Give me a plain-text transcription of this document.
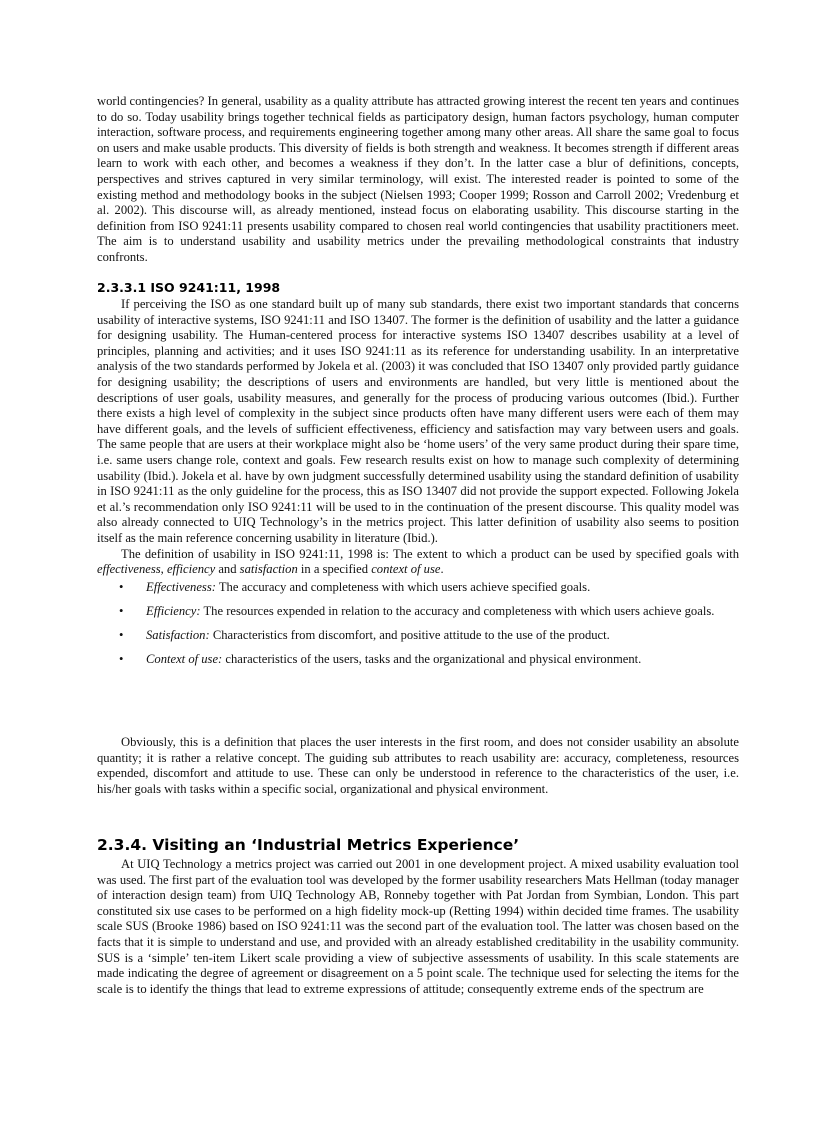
world contingencies? In general, usability as a quality attribute has attracted growing interest the recent ten years and continues to do so. Today usability brings together technical fields as participatory design, human factors psychology, human computer interaction, software process, and requirements engineering together among many other areas. All share the same goal to focus on users and make usable products. This diversity of fields is both strength and weakness. It becomes strength if different areas learn to work with each other, and becomes a weakness if they don’t. In the latter case a blur of definitions, concepts, perspectives and strives captured in very similar terminology, will exist. The interested reader is pointed to some of the existing method and methodology books in the subject (Nielsen 1993; Cooper 1999; Rosson and Carroll 2002; Vredenburg et al. 2002). This discourse will, as already mentioned, instead focus on elaborating usability. This discourse starting in the definition from ISO 9241:11 presents usability compared to chosen real world contingencies that usability practitioners meet. The aim is to understand usability and usability metrics under the prevailing methodological constraints that industry confronts.

2.3.3.1 ISO 9241:11, 1998

If perceiving the ISO as one standard built up of many sub standards, there exist two important standards that concerns usability of interactive systems, ISO 9241:11 and ISO 13407. The former is the definition of usability and the latter a guidance for designing usability. The Human-centered process for interactive systems ISO 13407 describes usability at a level of principles, planning and activities; and it uses ISO 9241:11 as its reference for understanding usability. In an interpretative analysis of the two standards performed by Jokela et al. (2003) it was concluded that ISO 13407 only provided partly guidance for designing usability; the descriptions of users and environments are handled, but very little is mentioned about the descriptions of user goals, usability measures, and generally for the process of producing various outcomes (Ibid.). Further there exists a high level of complexity in the subject since products often have many different users were each of them may have different goals, and the levels of sufficient effectiveness, efficiency and satisfaction may vary between users and goals. The same people that are users at their workplace might also be ‘home users’ of the very same product during their spare time, i.e. same users change role, context and goals. Few research results exist on how to manage such complexity of determining usability (Ibid.). Jokela et al. have by own judgment successfully determined usability using the standard definition of usability in ISO 9241:11 as the only guideline for the process, this as ISO 13407 did not provide the support expected. Following Jokela et al.’s recommendation only ISO 9241:11 will be used to in the continuation of the present discourse. This quality model was also already connected to UIQ Technology’s in the metrics project. This latter definition of usability also seems to position itself as the main reference concerning usability in literature (Ibid.).

The definition of usability in ISO 9241:11, 1998 is: The extent to which a product can be used by specified goals with effectiveness, efficiency and satisfaction in a specified context of use.

• Effectiveness: The accuracy and completeness with which users achieve specified goals.
• Efficiency: The resources expended in relation to the accuracy and completeness with which users achieve goals.
• Satisfaction: Characteristics from discomfort, and positive attitude to the use of the product.
• Context of use: characteristics of the users, tasks and the organizational and physical environment.

Obviously, this is a definition that places the user interests in the first room, and does not consider usability an absolute quantity; it is rather a relative concept. The guiding sub attributes to reach usability are: accuracy, completeness, resources expended, discomfort and attitude to use. These can only be understood in reference to the characteristics of the user, i.e. his/her goals with tasks within a specific social, organizational and physical environment.

2.3.4. Visiting an ‘Industrial Metrics Experience’

At UIQ Technology a metrics project was carried out 2001 in one development project. A mixed usability evaluation tool was used. The first part of the evaluation tool was developed by the former usability researchers Mats Hellman (today manager of interaction design team) from UIQ Technology AB, Ronneby together with Pat Jordan from Symbian, London. This part constituted six use cases to be performed on a high fidelity mock-up (Retting 1994) within decided time frames. The usability scale SUS (Brooke 1986) based on ISO 9241:11 was the second part of the evaluation tool. The latter was chosen based on the facts that it is simple to understand and use, and provided with an already established creditability in the usability community. SUS is a ‘simple’ ten-item Likert scale providing a view of subjective assessments of usability. In this scale statements are made indicating the degree of agreement or disagreement on a 5 point scale. The technique used for selecting the items for the scale is to identify the things that lead to extreme expressions of attitude; consequently extreme ends of the spectrum are
